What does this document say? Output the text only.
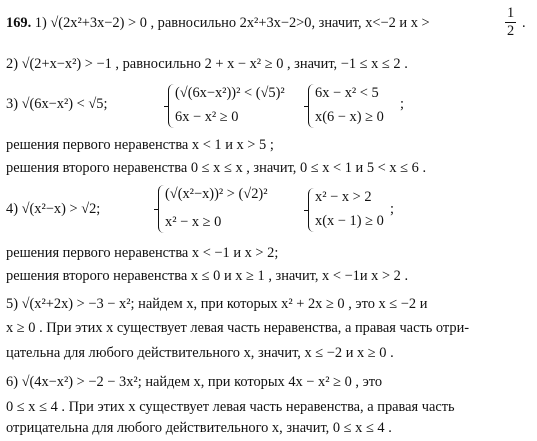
169. 1) √(2x²+3x−2) > 0 , равносильно 2x²+3x−2>0, значит, x<−2 и x >	$\frac{1}{2}$ .
2) √(2+x−x²) > −1 , равносильно 2 + x − x² ≥ 0 , значит, −1 ≤ x ≤ 2 .
3) √(6x−x²) < √5;
(√(6x−x²))² < (√5)²
6x − x² ≥ 0
6x − x² < 5
x(6 − x) ≥ 0
;
решения первого неравенства x < 1 и x > 5 ;
решения второго неравенства 0 ≤ x ≤ x , значит, 0 ≤ x < 1 и 5 < x ≤ 6 .
4) √(x²−x) > √2;
(√(x²−x))² > (√2)²
x² − x ≥ 0
x² − x > 2
x(x − 1) ≥ 0
;
решения первого неравенства x < −1 и x > 2;
решения второго неравенства x ≤ 0 и x ≥ 1 , значит, x < −1и x > 2 .
5) √(x²+2x) > −3 − x²; найдем x, при которых x² + 2x ≥ 0 , это x ≤ −2 и
x ≥ 0 . При этих x существует левая часть неравенства, а правая часть отри-
цательна для любого действительного x, значит, x ≤ −2 и x ≥ 0 .
6) √(4x−x²) > −2 − 3x²; найдем x, при которых 4x − x² ≥ 0 , это
0 ≤ x ≤ 4 . При этих x существует левая часть неравенства, а правая часть
отрицательна для любого действительного x, значит, 0 ≤ x ≤ 4 .
